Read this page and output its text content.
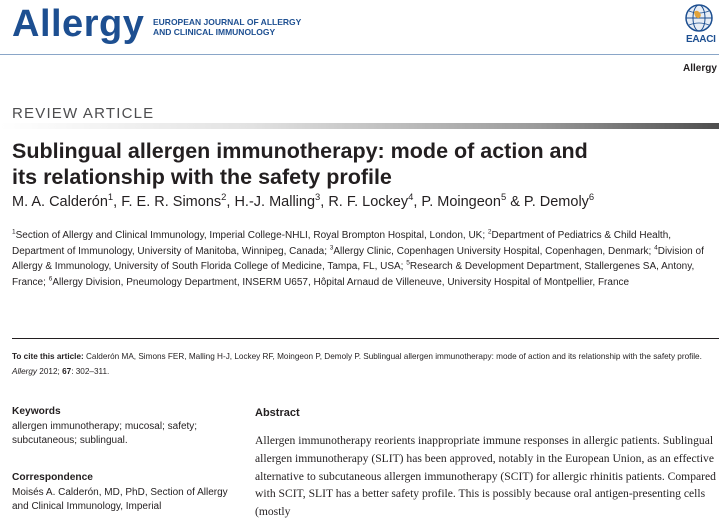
Allergy EUROPEAN JOURNAL OF ALLERGY
AND CLINICAL IMMUNOLOGY
EAACI
Allergy
REVIEW ARTICLE
Sublingual allergen immunotherapy: mode of action and
its relationship with the safety profile
M. A. Calderón$^1$, F. E. R. Simons$^2$, H.-J. Malling$^3$, R. F. Lockey$^4$, P. Moingeon$^5$ & P. Demoly$^6$
$^1$Section of Allergy and Clinical Immunology, Imperial College-NHLI, Royal Brompton Hospital, London, UK; $^2$Department of Pediatrics & Child Health, Department of Immunology, University of Manitoba, Winnipeg, Canada; $^3$Allergy Clinic, Copenhagen University Hospital, Copenhagen, Denmark; $^4$Division of Allergy & Immunology, University of South Florida College of Medicine, Tampa, FL, USA; $^5$Research & Development Department, Stallergenes SA, Antony, France; $^6$Allergy Division, Pneumology Department, INSERM U657, Hôpital Arnaud de Villeneuve, University Hospital of Montpellier, France
To cite this article: Calderón MA, Simons FER, Malling H-J, Lockey RF, Moingeon P, Demoly P. Sublingual allergen immunotherapy: mode of action and its relationship with the safety profile. Allergy 2012; 67: 302–311.
Keywords
allergen immunotherapy; mucosal; safety; subcutaneous; sublingual.
Correspondence
Moisés A. Calderón, MD, PhD, Section of Allergy and Clinical Immunology, Imperial
Abstract
Allergen immunotherapy reorients inappropriate immune responses in allergic patients. Sublingual allergen immunotherapy (SLIT) has been approved, notably in the European Union, as an effective alternative to subcutaneous allergen immunotherapy (SCIT) for allergic rhinitis patients. Compared with SCIT, SLIT has a better safety profile. This is possibly because oral antigen-presenting cells (mostly
